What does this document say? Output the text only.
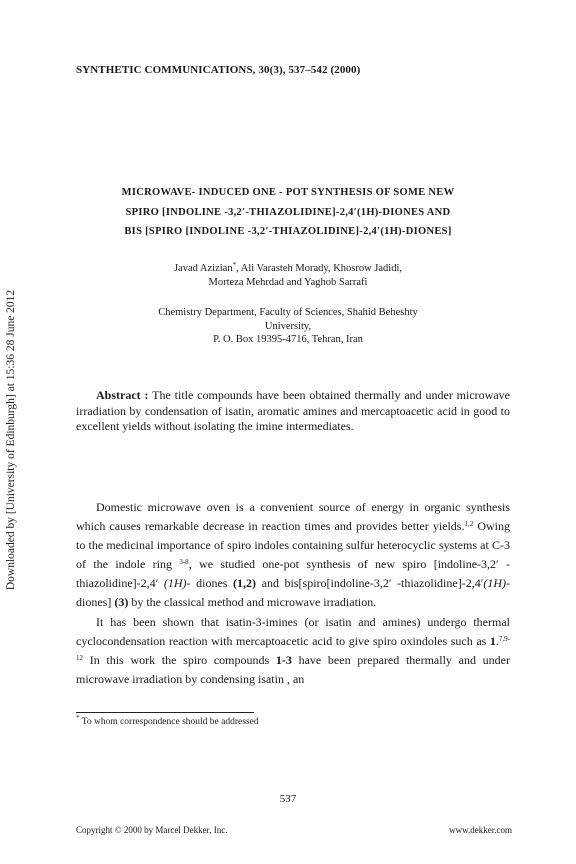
Downloaded by [University of Edinburgh] at 15:36 28 June 2012
SYNTHETIC COMMUNICATIONS, 30(3), 537–542 (2000)
MICROWAVE- INDUCED ONE - POT SYNTHESIS OF SOME NEW
SPIRO [INDOLINE -3,2′-THIAZOLIDINE]-2,4′(1H)-DIONES AND
BIS [SPIRO [INDOLINE -3,2′-THIAZOLIDINE]-2,4′(1H)-DIONES]
Javad Azizian*, Ali Varasteh Morady, Khosrow Jadidi,
Morteza Mehrdad and Yaghob Sarrafi
Chemistry Department, Faculty of Sciences, Shahid Beheshty
University,
P. O. Box 19395-4716, Tehran, Iran
Abstract : The title compounds have been obtained thermally and under microwave irradiation by condensation of isatin, aromatic amines and mercaptoacetic acid in good to excellent yields without isolating the imine intermediates.

Domestic microwave oven is a convenient source of energy in organic synthesis which causes remarkable decrease in reaction times and provides better yields.$^{1,2}$ Owing to the medicinal importance of spiro indoles containing sulfur heterocyclic systems at C-3 of the indole ring $^{3-8}$, we studied one-pot synthesis of new spiro [indoline-3,2′ -thiazolidine]-2,4′ (1H)- diones (1,2) and bis[spiro[indoline-3,2′ -thiazolidine]-2,4′(1H)-diones] (3) by the classical method and microwave irradiation.

It has been shown that isatin-3-imines (or isatin and amines) undergo thermal cyclocondensation reaction with mercaptoacetic acid to give spiro oxindoles such as 1.$^{7,9-12}$ In this work the spiro compounds 1-3 have been prepared thermally and under microwave irradiation by condensing isatin , an

* To whom correspondence should be addressed
537
Copyright © 2000 by Marcel Dekker, Inc.	www.dekker.com
